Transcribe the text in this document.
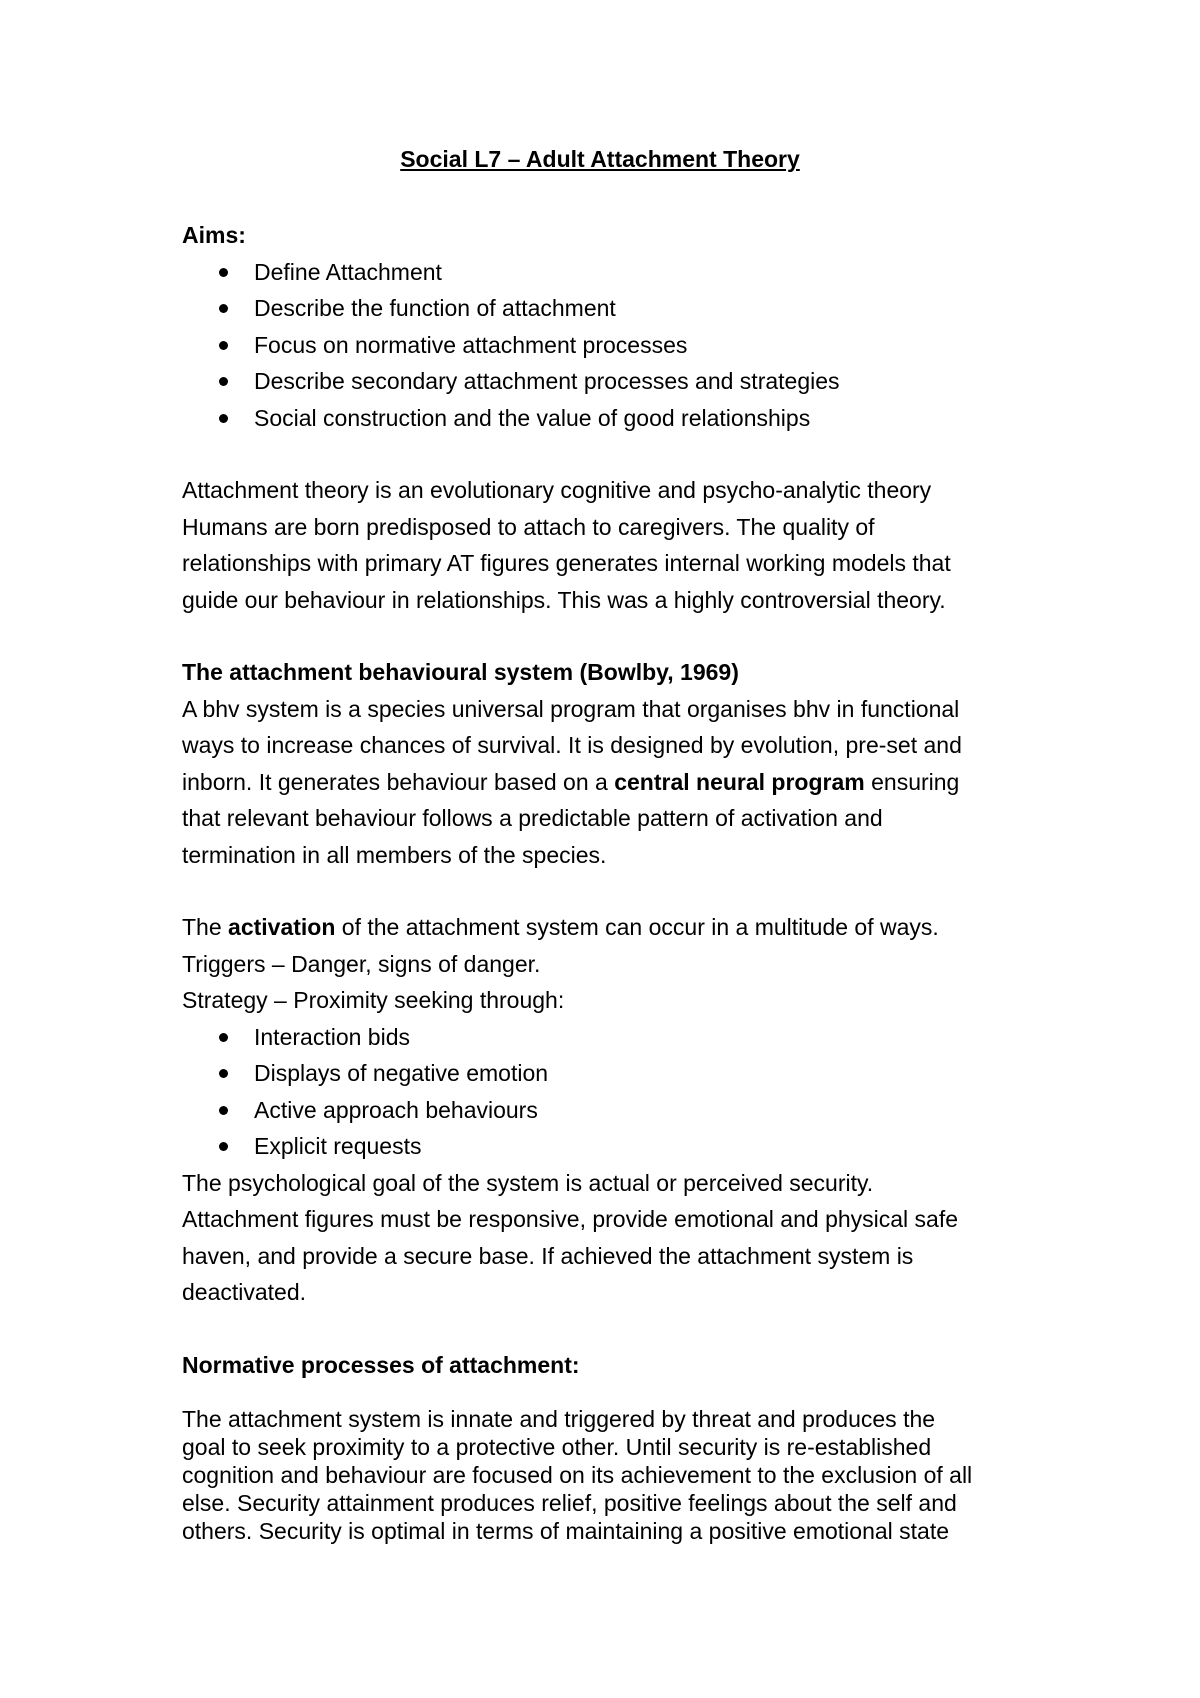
Social L7 – Adult Attachment Theory

Aims:

Define Attachment
Describe the function of attachment
Focus on normative attachment processes
Describe secondary attachment processes and strategies
Social construction and the value of good relationships

Attachment theory is an evolutionary cognitive and psycho-analytic theory

Humans are born predisposed to attach to caregivers. The quality of

relationships with primary AT figures generates internal working models that

guide our behaviour in relationships. This was a highly controversial theory.

The attachment behavioural system (Bowlby, 1969)

A bhv system is a species universal program that organises bhv in functional

ways to increase chances of survival. It is designed by evolution, pre-set and

inborn. It generates behaviour based on a central neural program ensuring

that relevant behaviour follows a predictable pattern of activation and

termination in all members of the species.

The activation of the attachment system can occur in a multitude of ways.

Triggers – Danger, signs of danger.

Strategy – Proximity seeking through:

Interaction bids
Displays of negative emotion
Active approach behaviours
Explicit requests

The psychological goal of the system is actual or perceived security.

Attachment figures must be responsive, provide emotional and physical safe

haven, and provide a secure base. If achieved the attachment system is

deactivated.

Normative processes of attachment:

The attachment system is innate and triggered by threat and produces the

goal to seek proximity to a protective other. Until security is re-established

cognition and behaviour are focused on its achievement to the exclusion of all

else. Security attainment produces relief, positive feelings about the self and

others. Security is optimal in terms of maintaining a positive emotional state
